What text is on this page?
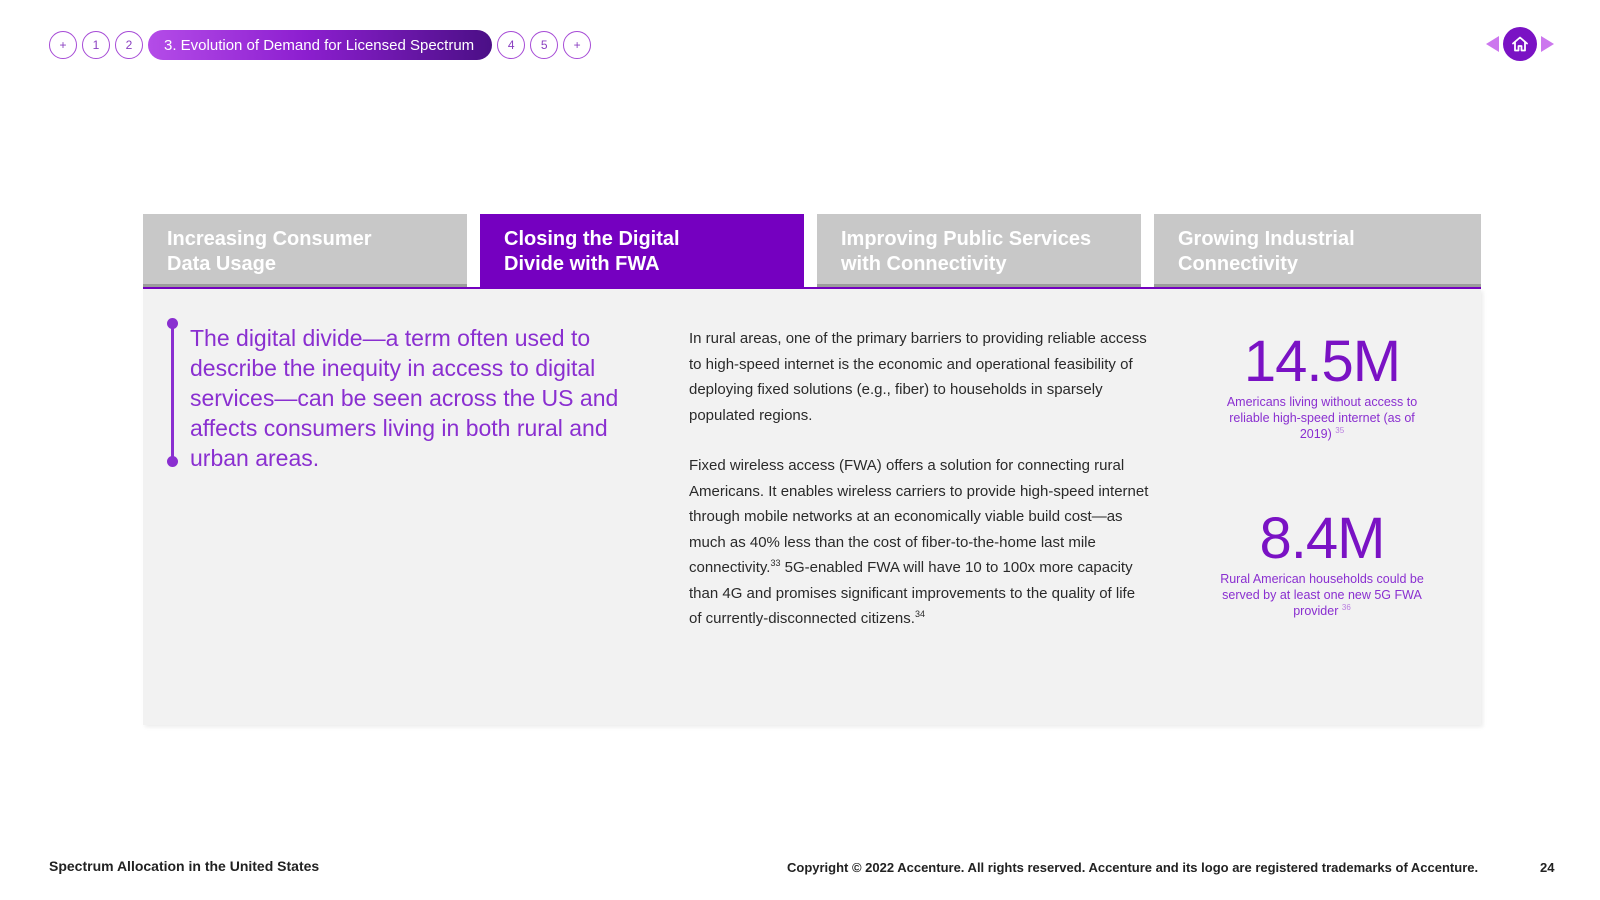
+	1	2	3. Evolution of Demand for Licensed Spectrum	4	5	+
Increasing Consumer
Data Usage
Closing the Digital
Divide with FWA
Improving Public Services
with Connectivity
Growing Industrial
Connectivity
The digital divide—a term often used to describe the inequity in access to digital services—can be seen across the US and affects consumers living in both rural and urban areas.

In rural areas, one of the primary barriers to providing reliable access to high-speed internet is the economic and operational feasibility of deploying fixed solutions (e.g., fiber) to households in sparsely populated regions.

Fixed wireless access (FWA) offers a solution for connecting rural Americans. It enables wireless carriers to provide high-speed internet through mobile networks at an economically viable build cost—as much as 40% less than the cost of fiber-to-the-home last mile connectivity.$^{33}$ 5G-enabled FWA will have 10 to 100x more capacity than 4G and promises significant improvements to the quality of life of currently-disconnected citizens.$^{34}$

14.5M
Americans living without access to reliable high-speed internet (as of 2019) $^{35}$
8.4M
Rural American households could be served by at least one new 5G FWA provider $^{36}$
Spectrum Allocation in the United States	Copyright © 2022 Accenture. All rights reserved. Accenture and its logo are registered trademarks of Accenture.	24
